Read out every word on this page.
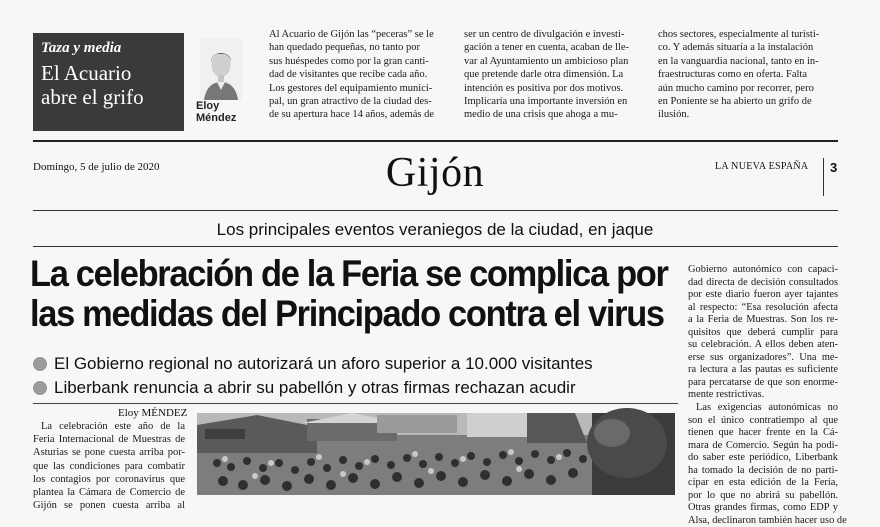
Taza y media
El Acuario
abre el grifo	Eloy
Méndez
Al Acuario de Gijón las “peceras” se le
han quedado pequeñas, no tanto por
sus huéspedes como por la gran canti-
dad de visitantes que recibe cada año.
Los gestores del equipamiento munici-
pal, un gran atractivo de la ciudad des-
de su apertura hace 14 años, además de
ser un centro de divulgación e investi-
gación a tener en cuenta, acaban de lle-
var al Ayuntamiento un ambicioso plan
que pretende darle otra dimensión. La
intención es positiva por dos motivos.
Implicaría una importante inversión en
medio de una crisis que ahoga a mu-
chos sectores, especialmente al turísti-
co. Y además situaría a la instalación
en la vanguardia nacional, tanto en in-
fraestructuras como en oferta. Falta
aún mucho camino por recorrer, pero
en Poniente se ha abierto un grifo de
ilusión.
Domingo, 5 de julio de 2020	Gijón	LA NUEVA ESPAÑA 3
Los principales eventos veraniegos de la ciudad, en jaque
La celebración de la Feria se complica por
las medidas del Principado contra el virus
El Gobierno regional no autorizará un aforo superior a 10.000 visitantes
Liberbank renuncia a abrir su pabellón y otras firmas rechazan acudir
Eloy MÉNDEZ
La celebración este año de la
Feria Internacional de Muestras de
Asturias se pone cuesta arriba por-
que las condiciones para combatir
los contagios por coronavirus que
plantea la Cámara de Comercio de
Gijón se ponen cuesta arriba al
Gobierno autonómico con capaci-
dad directa de decisión consultados
por este diario fueron ayer tajantes
al respecto: “Esa resolución afecta
a la Feria de Muestras. Son los re-
quisitos que deberá cumplir para
su celebración. A ellos deben aten-
erse sus organizadores”. Una me-
ra lectura a las pautas es suficiente
para percatarse de que son enorme-
mente restrictivas.
Las exigencias autonómicas no
son el único contratiempo al que
tienen que hacer frente en la Cá-
mara de Comercio. Según ha podi-
do saber este periódico, Liberbank
ha tomado la decisión de no parti-
cipar en esta edición de la Feria,
por lo que no abrirá su pabellón.
Otras grandes firmas, como EDP y
Alsa, declinaron también hacer uso de
